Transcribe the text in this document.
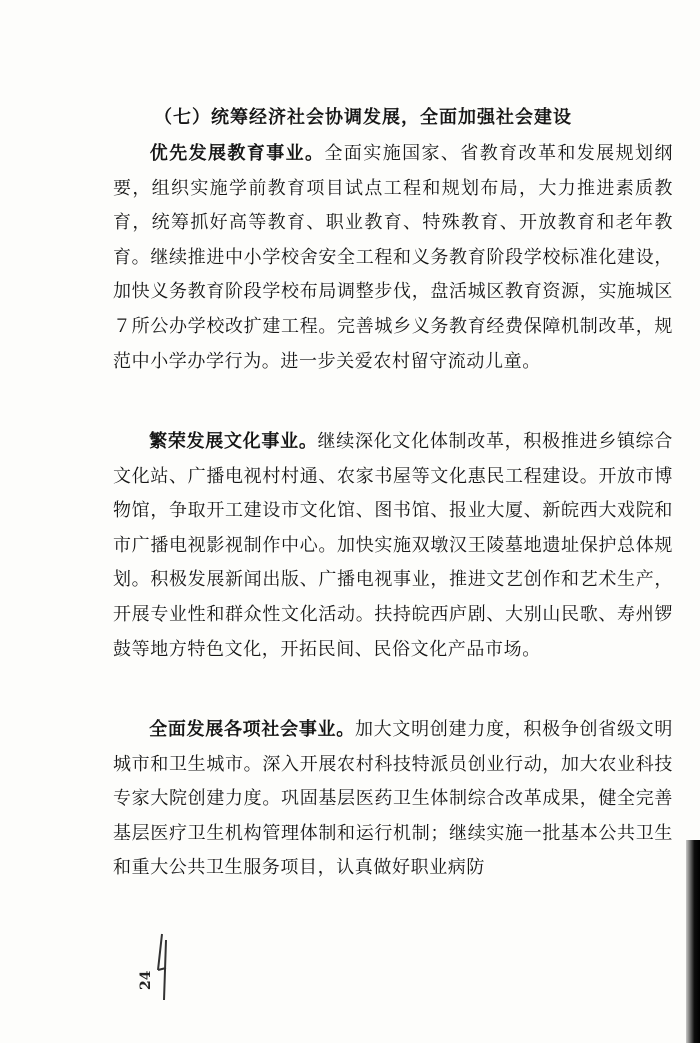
（七）统筹经济社会协调发展，全面加强社会建设

优先发展教育事业。全面实施国家、省教育改革和发展规划纲要，组织实施学前教育项目试点工程和规划布局，大力推进素质教育，统筹抓好高等教育、职业教育、特殊教育、开放教育和老年教育。继续推进中小学校舍安全工程和义务教育阶段学校标准化建设，加快义务教育阶段学校布局调整步伐，盘活城区教育资源，实施城区７所公办学校改扩建工程。完善城乡义务教育经费保障机制改革，规范中小学办学行为。进一步关爱农村留守流动儿童。

繁荣发展文化事业。继续深化文化体制改革，积极推进乡镇综合文化站、广播电视村村通、农家书屋等文化惠民工程建设。开放市博物馆，争取开工建设市文化馆、图书馆、报业大厦、新皖西大戏院和市广播电视影视制作中心。加快实施双墩汉王陵墓地遗址保护总体规划。积极发展新闻出版、广播电视事业，推进文艺创作和艺术生产，开展专业性和群众性文化活动。扶持皖西庐剧、大别山民歌、寿州锣鼓等地方特色文化，开拓民间、民俗文化产品市场。

全面发展各项社会事业。加大文明创建力度，积极争创省级文明城市和卫生城市。深入开展农村科技特派员创业行动，加大农业科技专家大院创建力度。巩固基层医药卫生体制综合改革成果，健全完善基层医疗卫生机构管理体制和运行机制；继续实施一批基本公共卫生和重大公共卫生服务项目，认真做好职业病防

24
